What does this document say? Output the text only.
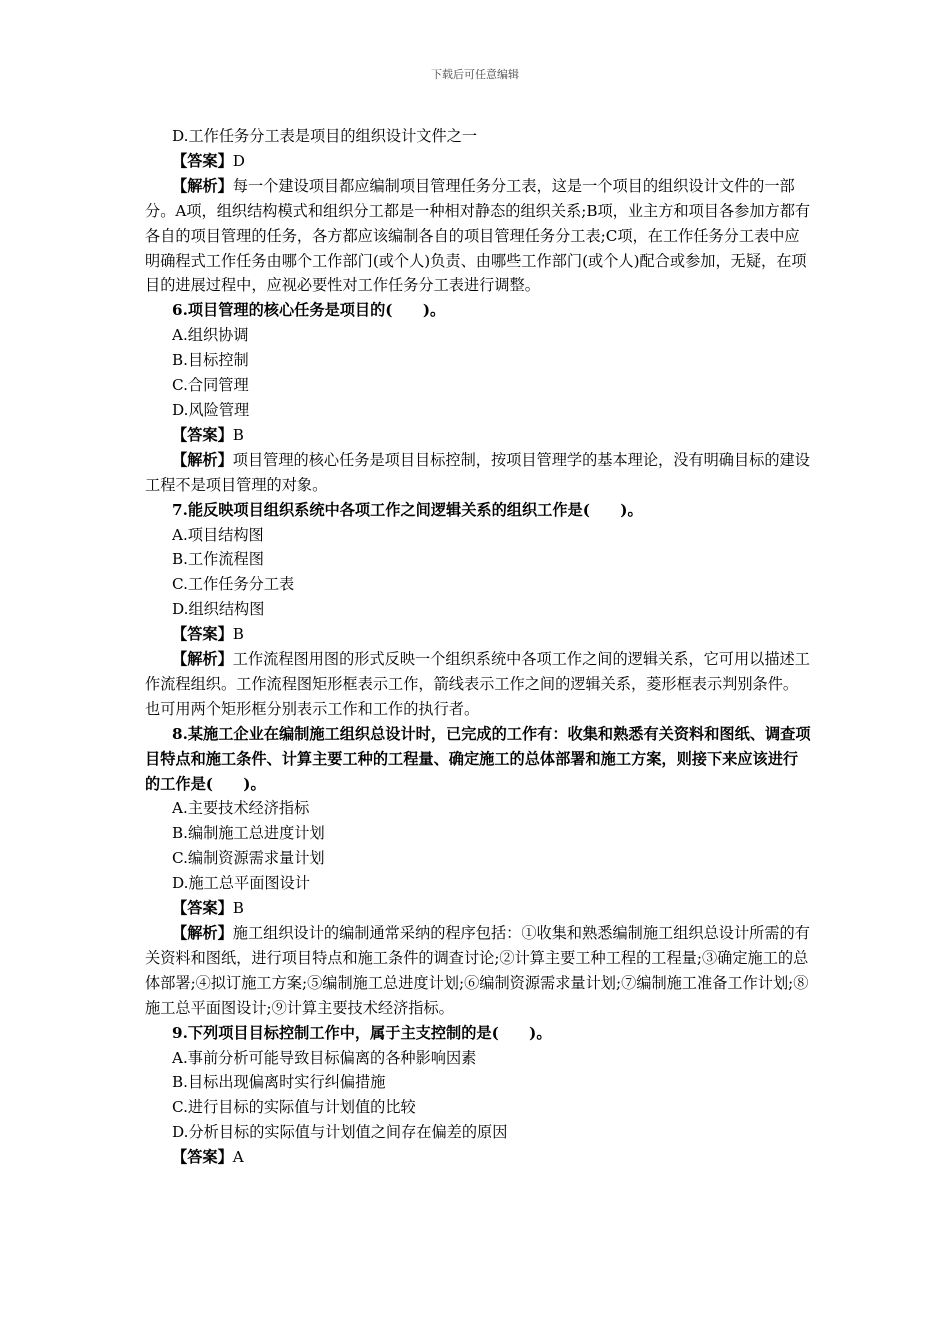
下载后可任意编辑

D.工作任务分工表是项目的组织设计文件之一

【答案】D

【解析】每一个建设项目都应编制项目管理任务分工表，这是一个项目的组织设计文件的一部分。A项，组织结构模式和组织分工都是一种相对静态的组织关系;B项，业主方和项目各参加方都有各自的项目管理的任务，各方都应该编制各自的项目管理任务分工表;C项，在工作任务分工表中应明确程式工作任务由哪个工作部门(或个人)负责、由哪些工作部门(或个人)配合或参加，无疑，在项目的进展过程中，应视必要性对工作任务分工表进行调整。

6.项目管理的核心任务是项目的(　　)。

A.组织协调

B.目标控制

C.合同管理

D.风险管理

【答案】B

【解析】项目管理的核心任务是项目目标控制，按项目管理学的基本理论，没有明确目标的建设工程不是项目管理的对象。

7.能反映项目组织系统中各项工作之间逻辑关系的组织工作是(　　)。

A.项目结构图

B.工作流程图

C.工作任务分工表

D.组织结构图

【答案】B

【解析】工作流程图用图的形式反映一个组织系统中各项工作之间的逻辑关系，它可用以描述工作流程组织。工作流程图矩形框表示工作，箭线表示工作之间的逻辑关系，菱形框表示判别条件。也可用两个矩形框分别表示工作和工作的执行者。

8.某施工企业在编制施工组织总设计时，已完成的工作有：收集和熟悉有关资料和图纸、调查项目特点和施工条件、计算主要工种的工程量、确定施工的总体部署和施工方案，则接下来应该进行的工作是(　　)。

A.主要技术经济指标

B.编制施工总进度计划

C.编制资源需求量计划

D.施工总平面图设计

【答案】B

【解析】施工组织设计的编制通常采纳的程序包括：①收集和熟悉编制施工组织总设计所需的有关资料和图纸，进行项目特点和施工条件的调查讨论;②计算主要工种工程的工程量;③确定施工的总体部署;④拟订施工方案;⑤编制施工总进度计划;⑥编制资源需求量计划;⑦编制施工准备工作计划;⑧施工总平面图设计;⑨计算主要技术经济指标。

9.下列项目目标控制工作中，属于主支控制的是(　　)。

A.事前分析可能导致目标偏离的各种影响因素

B.目标出现偏离时实行纠偏措施

C.进行目标的实际值与计划值的比较

D.分析目标的实际值与计划值之间存在偏差的原因

【答案】A
